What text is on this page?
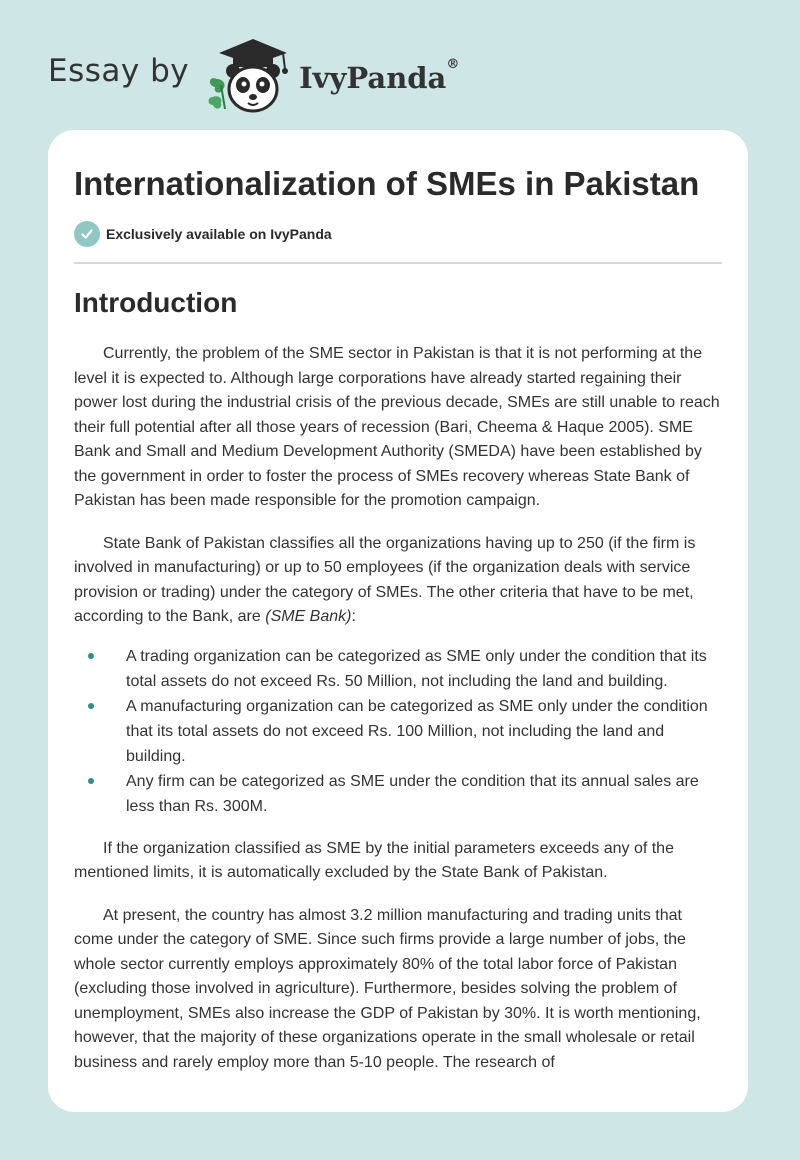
Essay by	IvyPanda®
Internationalization of SMEs in Pakistan
Exclusively available on IvyPanda
Introduction

Currently, the problem of the SME sector in Pakistan is that it is not performing at the level it is expected to. Although large corporations have already started regaining their power lost during the industrial crisis of the previous decade, SMEs are still unable to reach their full potential after all those years of recession (Bari, Cheema & Haque 2005). SME Bank and Small and Medium Development Authority (SMEDA) have been established by the government in order to foster the process of SMEs recovery whereas State Bank of Pakistan has been made responsible for the promotion campaign.

State Bank of Pakistan classifies all the organizations having up to 250 (if the firm is involved in manufacturing) or up to 50 employees (if the organization deals with service provision or trading) under the category of SMEs. The other criteria that have to be met, according to the Bank, are (SME Bank):

A trading organization can be categorized as SME only under the condition that its total assets do not exceed Rs. 50 Million, not including the land and building.
A manufacturing organization can be categorized as SME only under the condition that its total assets do not exceed Rs. 100 Million, not including the land and building.
Any firm can be categorized as SME under the condition that its annual sales are less than Rs. 300M.

If the organization classified as SME by the initial parameters exceeds any of the mentioned limits, it is automatically excluded by the State Bank of Pakistan.

At present, the country has almost 3.2 million manufacturing and trading units that come under the category of SME. Since such firms provide a large number of jobs, the whole sector currently employs approximately 80% of the total labor force of Pakistan (excluding those involved in agriculture). Furthermore, besides solving the problem of unemployment, SMEs also increase the GDP of Pakistan by 30%. It is worth mentioning, however, that the majority of these organizations operate in the small wholesale or retail business and rarely employ more than 5-10 people. The research of
